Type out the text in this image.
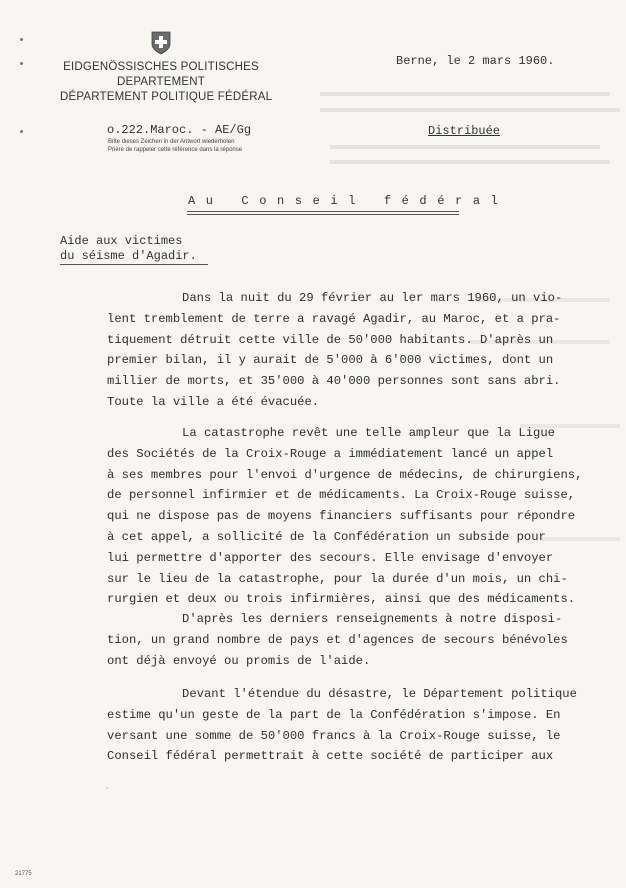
EIDGENÖSSISCHES POLITISCHES
DEPARTEMENT
DÉPARTEMENT POLITIQUE FÉDÉRAL
Berne, le 2 mars 1960.
o.222.Maroc. - AE/Gg
Bitte dieses Zeichen in der Antwort wiederholen
Prière de rappeler cette référence dans la réponse
Distribuée
Au Conseil fédéral
Aide aux victimes
du séisme d'Agadir.
Dans la nuit du 29 février au ler mars 1960, un vio-
lent tremblement de terre a ravagé Agadir, au Maroc, et a pra-
tiquement détruit cette ville de 50'000 habitants. D'après un
premier bilan, il y aurait de 5'000 à 6'000 victimes, dont un
millier de morts, et 35'000 à 40'000 personnes sont sans abri.
Toute la ville a été évacuée.
La catastrophe revêt une telle ampleur que la Ligue
des Sociétés de la Croix-Rouge a immédiatement lancé un appel
à ses membres pour l'envoi d'urgence de médecins, de chirurgiens,
de personnel infirmier et de médicaments. La Croix-Rouge suisse,
qui ne dispose pas de moyens financiers suffisants pour répondre
à cet appel, a sollicité de la Confédération un subside pour
lui permettre d'apporter des secours. Elle envisage d'envoyer
sur le lieu de la catastrophe, pour la durée d'un mois, un chi-
rurgien et deux ou trois infirmières, ainsi que des médicaments.
D'après les derniers renseignements à notre disposi-
tion, un grand nombre de pays et d'agences de secours bénévoles
ont déjà envoyé ou promis de l'aide.
Devant l'étendue du désastre, le Département politique
estime qu'un geste de la part de la Confédération s'impose. En
versant une somme de 50'000 francs à la Croix-Rouge suisse, le
Conseil fédéral permettrait à cette société de participer aux
-
21775
